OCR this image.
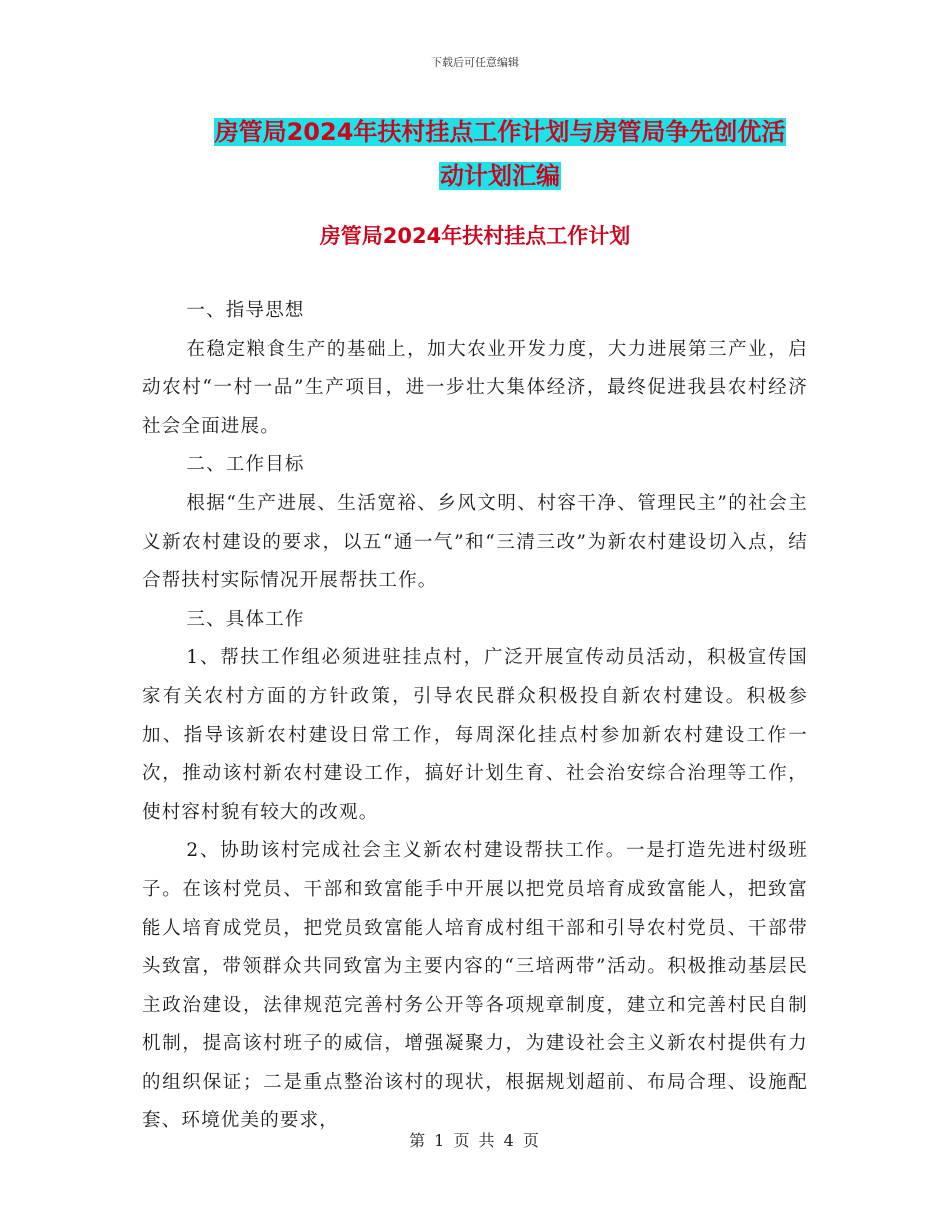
下载后可任意编辑
房管局2024年扶村挂点工作计划与房管局争先创优活
动计划汇编
房管局2024年扶村挂点工作计划

一、指导思想

在稳定粮食生产的基础上，加大农业开发力度，大力进展第三产业，启动农村“一村一品”生产项目，进一步壮大集体经济，最终促进我县农村经济社会全面进展。

二、工作目标

根据“生产进展、生活宽裕、乡风文明、村容干净、管理民主”的社会主义新农村建设的要求，以五“通一气”和“三清三改”为新农村建设切入点，结合帮扶村实际情况开展帮扶工作。

三、具体工作

1、帮扶工作组必须进驻挂点村，广泛开展宣传动员活动，积极宣传国家有关农村方面的方针政策，引导农民群众积极投自新农村建设。积极参加、指导该新农村建设日常工作，每周深化挂点村参加新农村建设工作一次，推动该村新农村建设工作，搞好计划生育、社会治安综合治理等工作，使村容村貌有较大的改观。

2、协助该村完成社会主义新农村建设帮扶工作。一是打造先进村级班子。在该村党员、干部和致富能手中开展以把党员培育成致富能人，把致富能人培育成党员，把党员致富能人培育成村组干部和引导农村党员、干部带头致富，带领群众共同致富为主要内容的“三培两带”活动。积极推动基层民主政治建设，法律规范完善村务公开等各项规章制度，建立和完善村民自制机制，提高该村班子的威信，增强凝聚力，为建设社会主义新农村提供有力的组织保证；二是重点整治该村的现状，根据规划超前、布局合理、设施配套、环境优美的要求，

第 1 页 共 4 页
